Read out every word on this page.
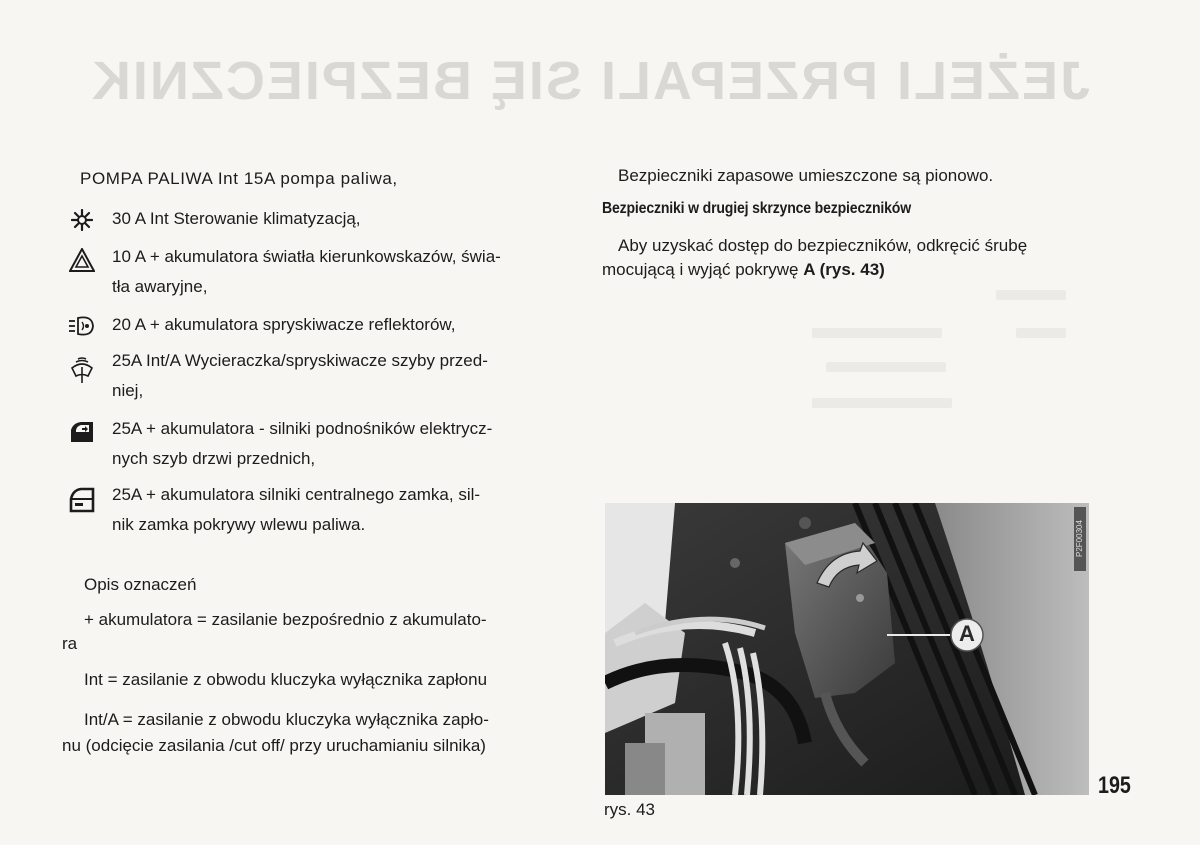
JEŻELI PRZEPALI SIĘ BEZPIECZNIK
POMPA PALIWA Int 15A pompa paliwa,
30 A Int Sterowanie klimatyzacją,
10 A + akumulatora światła kierunkowskazów, świa-
tła awaryjne,
20 A + akumulatora spryskiwacze reflektorów,
25A Int/A Wycieraczka/spryskiwacze szyby przed-
niej,
25A + akumulatora - silniki podnośników elektrycz-
nych szyb drzwi przednich,
25A + akumulatora silniki centralnego zamka, sil-
nik zamka pokrywy wlewu paliwa.
Opis oznaczeń
+ akumulatora = zasilanie bezpośrednio z akumulato-
ra
Int = zasilanie z obwodu kluczyka wyłącznika zapłonu
Int/A = zasilanie z obwodu kluczyka wyłącznika zapło-
nu (odcięcie zasilania /cut off/ przy uruchamianiu silnika)
Bezpieczniki zapasowe umieszczone są pionowo.
Bezpieczniki w drugiej skrzynce bezpieczników
Aby uzyskać dostęp do bezpieczników, odkręcić śrubę
mocującą i wyjąć pokrywę A (rys. 43)
A
P2F00304
rys. 43
195
